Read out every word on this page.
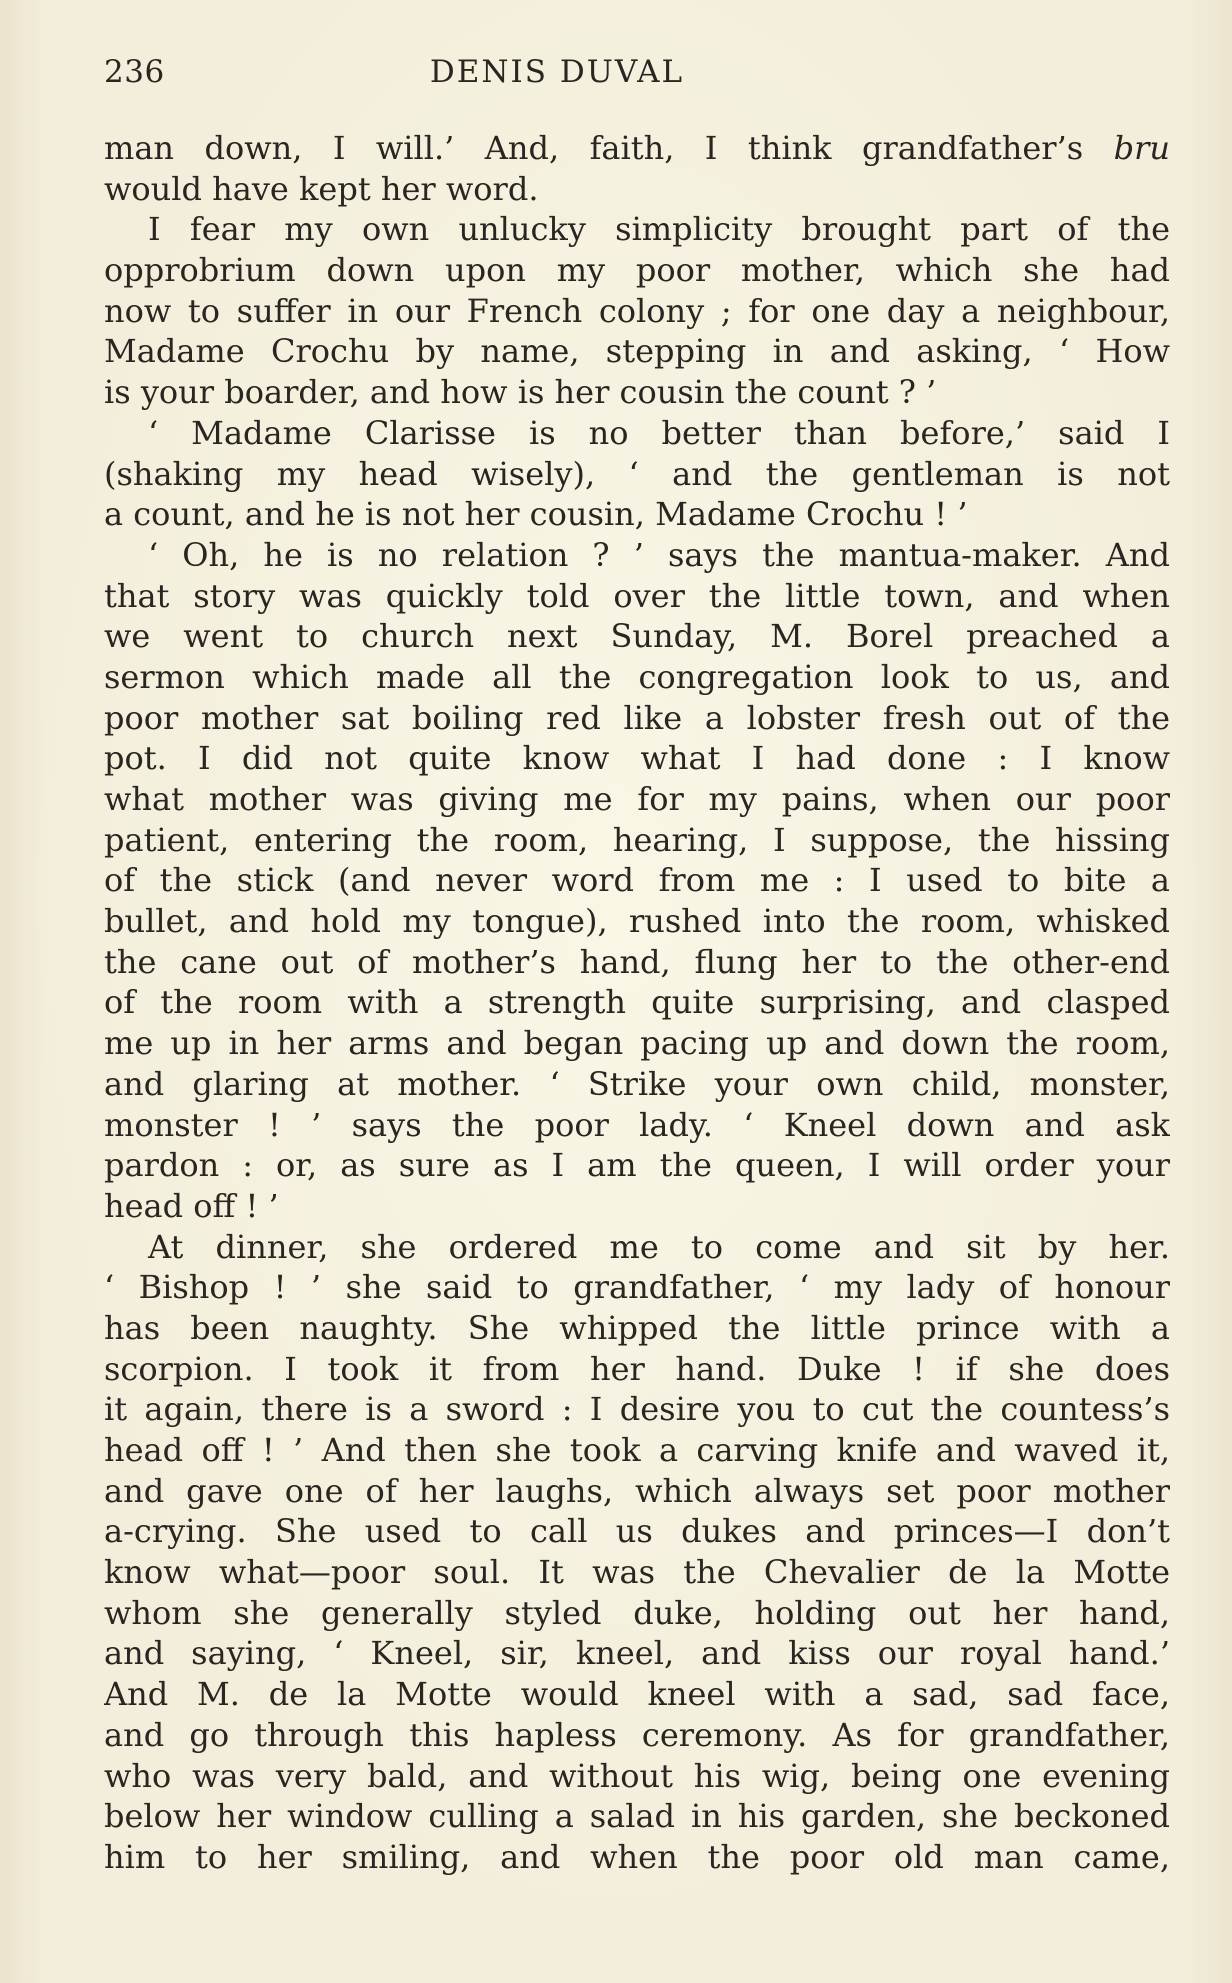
236	DENIS DUVAL
man down, I will.’ And, faith, I think grandfather’s bru
would have kept her word.
I fear my own unlucky simplicity brought part of the
opprobrium down upon my poor mother, which she had
now to suffer in our French colony ; for one day a neighbour,
Madame Crochu by name, stepping in and asking, ‘ How
is your boarder, and how is her cousin the count ? ’
‘ Madame Clarisse is no better than before,’ said I
(shaking my head wisely), ‘ and the gentleman is not
a count, and he is not her cousin, Madame Crochu ! ’
‘ Oh, he is no relation ? ’ says the mantua-maker. And
that story was quickly told over the little town, and when
we went to church next Sunday, M. Borel preached a
sermon which made all the congregation look to us, and
poor mother sat boiling red like a lobster fresh out of the
pot. I did not quite know what I had done : I know
what mother was giving me for my pains, when our poor
patient, entering the room, hearing, I suppose, the hissing
of the stick (and never word from me : I used to bite a
bullet, and hold my tongue), rushed into the room, whisked
the cane out of mother’s hand, flung her to the other-end
of the room with a strength quite surprising, and clasped
me up in her arms and began pacing up and down the room,
and glaring at mother. ‘ Strike your own child, monster,
monster ! ’ says the poor lady. ‘ Kneel down and ask
pardon : or, as sure as I am the queen, I will order your
head off ! ’
At dinner, she ordered me to come and sit by her.
‘ Bishop ! ’ she said to grandfather, ‘ my lady of honour
has been naughty. She whipped the little prince with a
scorpion. I took it from her hand. Duke ! if she does
it again, there is a sword : I desire you to cut the countess’s
head off ! ’ And then she took a carving knife and waved it,
and gave one of her laughs, which always set poor mother
a-crying. She used to call us dukes and princes—I don’t
know what—poor soul. It was the Chevalier de la Motte
whom she generally styled duke, holding out her hand,
and saying, ‘ Kneel, sir, kneel, and kiss our royal hand.’
And M. de la Motte would kneel with a sad, sad face,
and go through this hapless ceremony. As for grandfather,
who was very bald, and without his wig, being one evening
below her window culling a salad in his garden, she beckoned
him to her smiling, and when the poor old man came,
